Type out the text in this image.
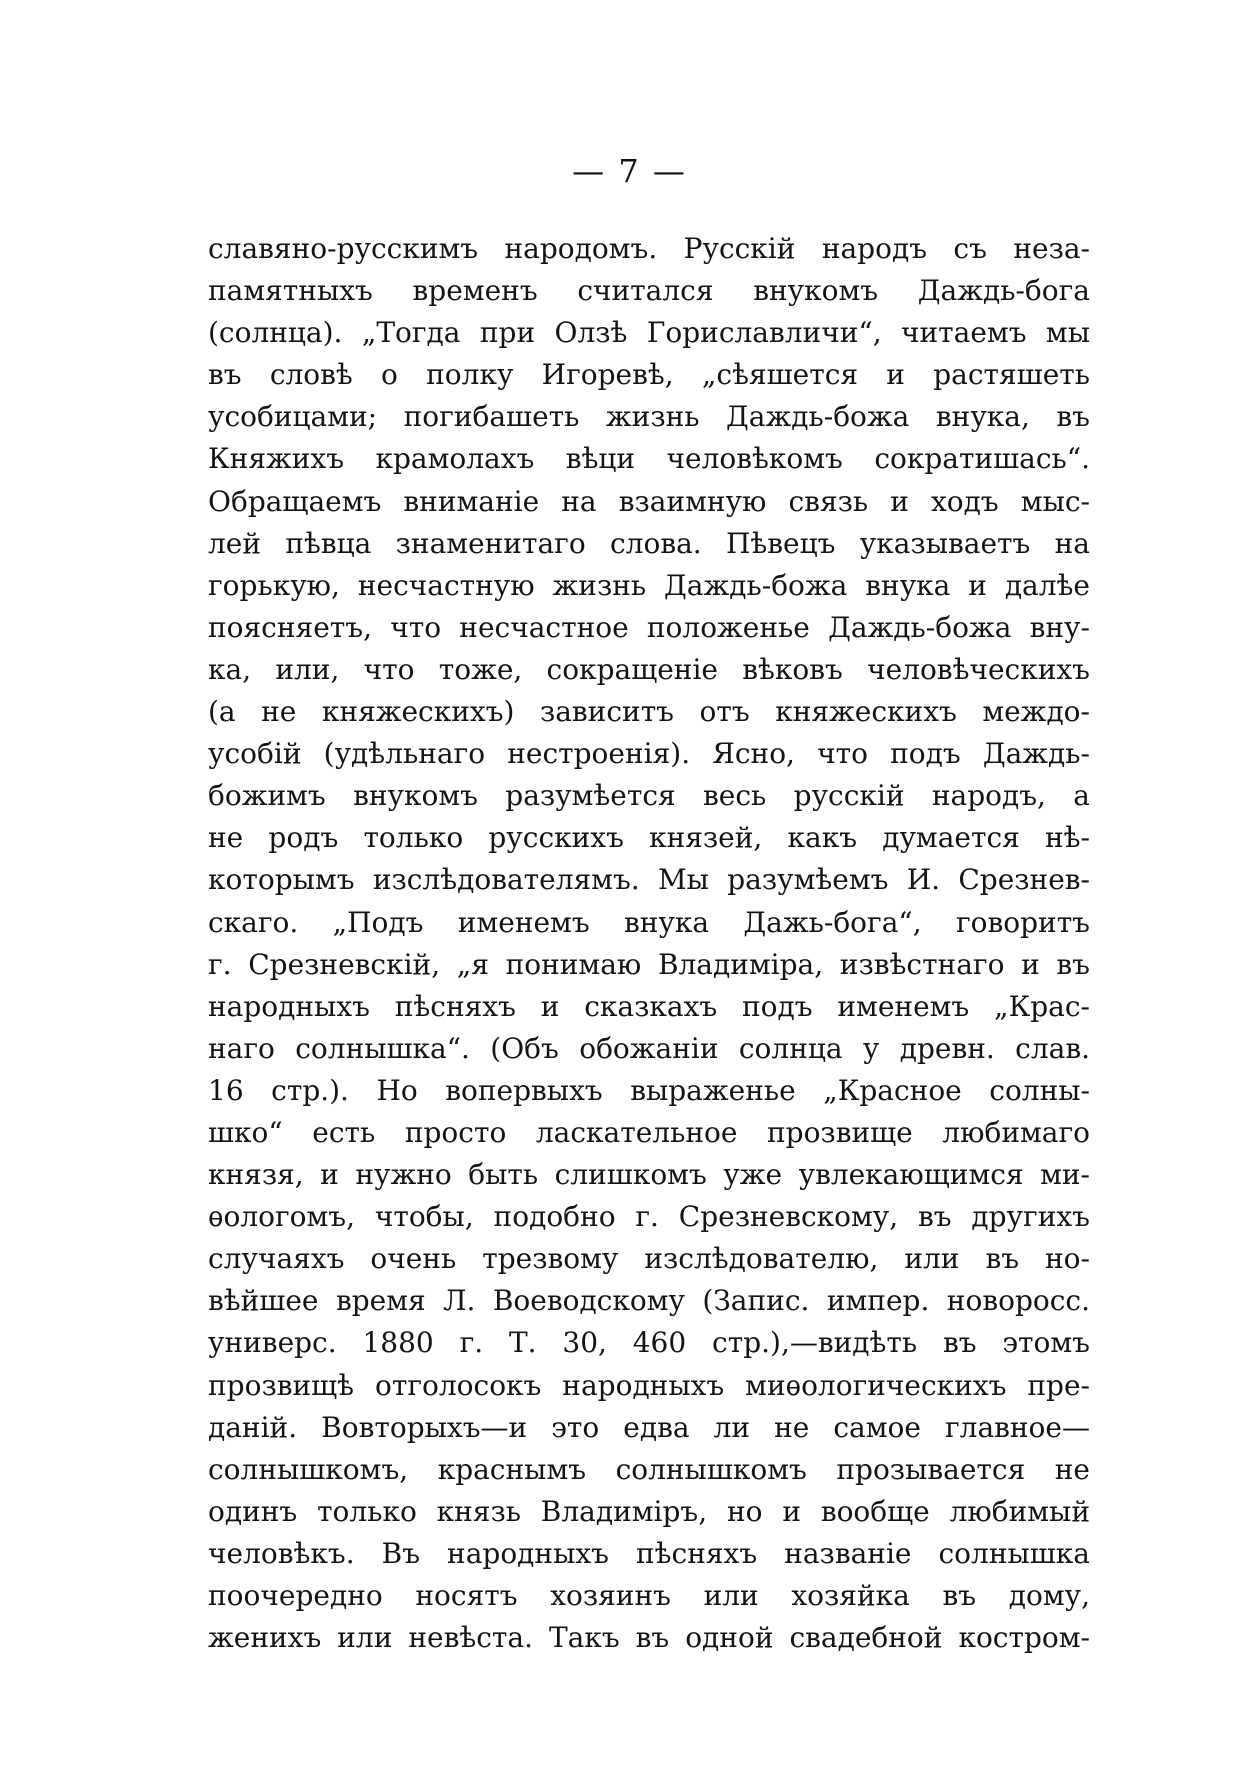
— 7 —
славяно-русскимъ народомъ. Русскій народъ съ неза-
памятныхъ временъ считался внукомъ Даждь-бога
(солнца). „Тогда при Олзѣ Гориславличи“, читаемъ мы
въ словѣ о полку Игоревѣ, „сѣяшется и растяшеть
усобицами; погибашеть жизнь Даждь-божа внука, въ
Княжихъ крамолахъ вѣци человѣкомъ сократишась“.
Обращаемъ вниманіе на взаимную связь и ходъ мыс-
лей пѣвца знаменитаго слова. Пѣвецъ указываетъ на
горькую, несчастную жизнь Даждь-божа внука и далѣе
поясняетъ, что несчастное положенье Даждь-божа вну-
ка, или, что тоже, сокращеніе вѣковъ человѣческихъ
(а не княжескихъ) зависитъ отъ княжескихъ междо-
усобій (удѣльнаго нестроенія). Ясно, что подъ Даждь-
божимъ внукомъ разумѣется весь русскій народъ, а
не родъ только русскихъ князей, какъ думается нѣ-
которымъ изслѣдователямъ. Мы разумѣемъ И. Срезнев-
скаго. „Подъ именемъ внука Дажь-бога“, говоритъ
г. Срезневскій, „я понимаю Владиміра, извѣстнаго и въ
народныхъ пѣсняхъ и сказкахъ подъ именемъ „Крас-
наго солнышка“. (Объ обожаніи солнца у древн. слав.
16 стр.). Но вопервыхъ выраженье „Красное солны-
шко“ есть просто ласкательное прозвище любимаго
князя, и нужно быть слишкомъ уже увлекающимся ми-
ѳологомъ, чтобы, подобно г. Срезневскому, въ другихъ
случаяхъ очень трезвому изслѣдователю, или въ но-
вѣйшее время Л. Воеводскому (Запис. импер. новоросс.
универс. 1880 г. Т. 30, 460 стр.),—видѣть въ этомъ
прозвищѣ отголосокъ народныхъ миѳологическихъ пре-
даній. Вовторыхъ—и это едва ли не самое главное—
солнышкомъ, краснымъ солнышкомъ прозывается не
одинъ только князь Владиміръ, но и вообще любимый
человѣкъ. Въ народныхъ пѣсняхъ названіе солнышка
поочередно носятъ хозяинъ или хозяйка въ дому,
женихъ или невѣста. Такъ въ одной свадебной костром-
